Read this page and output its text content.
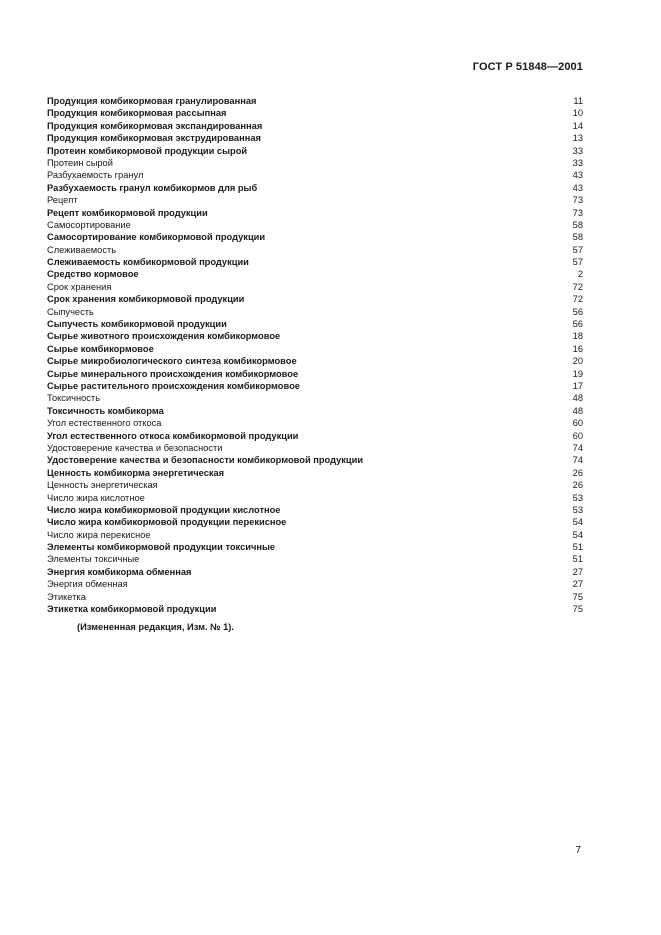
ГОСТ Р 51848—2001
Продукция комбикормовая гранулированная	11
Продукция комбикормовая рассыпная	10
Продукция комбикормовая экспандированная	14
Продукция комбикормовая экструдированная	13
Протеин комбикормовой продукции сырой	33
Протеин сырой	33
Разбухаемость гранул	43
Разбухаемость гранул комбикормов для рыб	43
Рецепт	73
Рецепт комбикормовой продукции	73
Самосортирование	58
Самосортирование комбикормовой продукции	58
Слеживаемость	57
Слеживаемость комбикормовой продукции	57
Средство кормовое	2
Срок хранения	72
Срок хранения комбикормовой продукции	72
Сыпучесть	56
Сыпучесть комбикормовой продукции	56
Сырье животного происхождения комбикормовое	18
Сырье комбикормовое	16
Сырье микробиологического синтеза комбикормовое	20
Сырье минерального происхождения комбикормовое	19
Сырье растительного происхождения комбикормовое	17
Токсичность	48
Токсичность комбикорма	48
Угол естественного откоса	60
Угол естественного откоса комбикормовой продукции	60
Удостоверение качества и безопасности	74
Удостоверение качества и безопасности комбикормовой продукции	74
Ценность комбикорма энергетическая	26
Ценность энергетическая	26
Число жира кислотное	53
Число жира комбикормовой продукции кислотное	53
Число жира комбикормовой продукции перекисное	54
Число жира перекисное	54
Элементы комбикормовой продукции токсичные	51
Элементы токсичные	51
Энергия комбикорма обменная	27
Энергия обменная	27
Этикетка	75
Этикетка комбикормовой продукции	75
(Измененная редакция, Изм. № 1).
7
